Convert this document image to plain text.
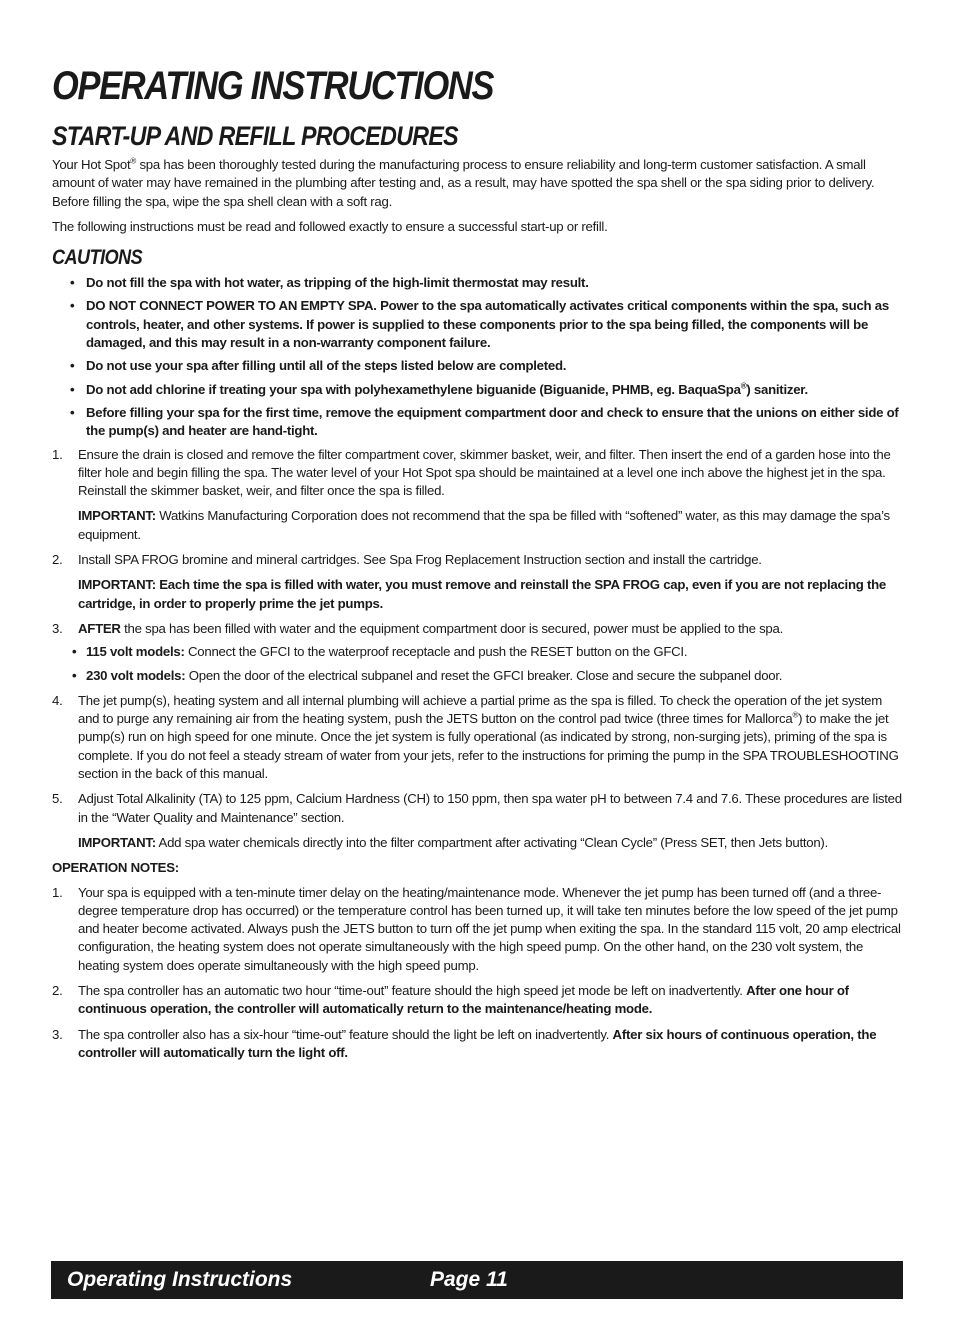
OPERATING INSTRUCTIONS
START-UP AND REFILL PROCEDURES

Your Hot Spot® spa has been thoroughly tested during the manufacturing process to ensure reliability and long-term customer satisfaction. A small amount of water may have remained in the plumbing after testing and, as a result, may have spotted the spa shell or the spa siding prior to delivery. Before filling the spa, wipe the spa shell clean with a soft rag.

The following instructions must be read and followed exactly to ensure a successful start-up or refill.

CAUTIONS
• Do not fill the spa with hot water, as tripping of the high-limit thermostat may result.
• DO NOT CONNECT POWER TO AN EMPTY SPA. Power to the spa automatically activates critical components within the spa, such as controls, heater, and other systems. If power is supplied to these components prior to the spa being filled, the components will be damaged, and this may result in a non-warranty component failure.
• Do not use your spa after filling until all of the steps listed below are completed.
• Do not add chlorine if treating your spa with polyhexamethylene biguanide (Biguanide, PHMB, eg. BaquaSpa®) sanitizer.
• Before filling your spa for the first time, remove the equipment compartment door and check to ensure that the unions on either side of the pump(s) and heater are hand-tight.
1. Ensure the drain is closed and remove the filter compartment cover, skimmer basket, weir, and filter. Then insert the end of a garden hose into the filter hole and begin filling the spa. The water level of your Hot Spot spa should be maintained at a level one inch above the highest jet in the spa. Reinstall the skimmer basket, weir, and filter once the spa is filled.

IMPORTANT: Watkins Manufacturing Corporation does not recommend that the spa be filled with “softened” water, as this may damage the spa’s equipment.

2. Install SPA FROG bromine and mineral cartridges. See Spa Frog Replacement Instruction section and install the cartridge.

IMPORTANT: Each time the spa is filled with water, you must remove and reinstall the SPA FROG cap, even if you are not replacing the cartridge, in order to properly prime the jet pumps.

3. AFTER the spa has been filled with water and the equipment compartment door is secured, power must be applied to the spa.

• 115 volt models: Connect the GFCI to the waterproof receptacle and push the RESET button on the GFCI.
• 230 volt models: Open the door of the electrical subpanel and reset the GFCI breaker. Close and secure the subpanel door.
4. The jet pump(s), heating system and all internal plumbing will achieve a partial prime as the spa is filled. To check the operation of the jet system and to purge any remaining air from the heating system, push the JETS button on the control pad twice (three times for Mallorca®) to make the jet pump(s) run on high speed for one minute. Once the jet system is fully operational (as indicated by strong, non-surging jets), priming of the spa is complete. If you do not feel a steady stream of water from your jets, refer to the instructions for priming the pump in the SPA TROUBLESHOOTING section in the back of this manual.

5. Adjust Total Alkalinity (TA) to 125 ppm, Calcium Hardness (CH) to 150 ppm, then spa water pH to between 7.4 and 7.6. These procedures are listed in the “Water Quality and Maintenance” section.

IMPORTANT: Add spa water chemicals directly into the filter compartment after activating “Clean Cycle” (Press SET, then Jets button).

OPERATION NOTES:

1. Your spa is equipped with a ten-minute timer delay on the heating/maintenance mode. Whenever the jet pump has been turned off (and a three-degree temperature drop has occurred) or the temperature control has been turned up, it will take ten minutes before the low speed of the jet pump and heater become activated. Always push the JETS button to turn off the jet pump when exiting the spa. In the standard 115 volt, 20 amp electrical configuration, the heating system does not operate simultaneously with the high speed pump. On the other hand, on the 230 volt system, the heating system does operate simultaneously with the high speed pump.

2. The spa controller has an automatic two hour “time-out” feature should the high speed jet mode be left on inadvertently. After one hour of continuous operation, the controller will automatically return to the maintenance/heating mode.

3. The spa controller also has a six-hour “time-out” feature should the light be left on inadvertently. After six hours of continuous operation, the controller will automatically turn the light off.

Operating Instructions	Page 11
